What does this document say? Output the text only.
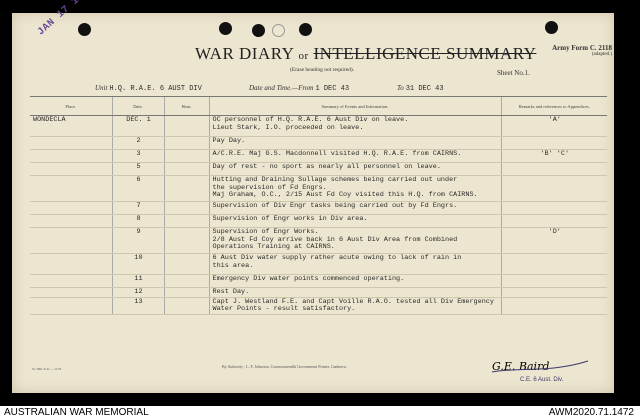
WAR DIARY or INTELLIGENCE SUMMARY
(Erase heading not required).
Army Form C. 2118
(adapted.)
Sheet No.1.
Unit H.Q. R.A.E. 6 AUST DIV	Date and Time.—From 1 DEC 43	To 31 DEC 43
Place.	Date.	Hour.	Summary of Events and Information.	Remarks and references to Appendices.
WONDECLA	DEC. 1		OC personnel of H.Q. R.A.E. 6 Aust Div on leave.
Lieut Stark, I.O. proceeded on leave.	'A'
	2		Pay Day.	
	3		A/C.R.E. Maj G.S. Macdonnell visited H.Q. R.A.E. from CAIRNS.	'B' 'C'
	5		Day of rest - no sport as nearly all personnel on leave.	
	6		Hutting and Draining Sullage schemes being carried out under
the supervision of Fd Engrs.
Maj Graham, O.C., 2/15 Aust Fd Coy visited this H.Q. from CAIRNS.	
	7		Supervision of Div Engr tasks being carried out by Fd Engrs.	
	8		Supervision of Engr works in Div area.	
	9		Supervision of Engr Works.
2/8 Aust Fd Coy arrive back in 6 Aust Div Area from Combined
Operations Training at CAIRNS.	'D'
	10		6 Aust Div water supply rather acute owing to lack of rain in
this area.	
	11		Emergency Div water points commenced operating.	
	12		Rest Day.	
	13		Capt J. Westland F.E. and Capt Voille R.A.O. tested all Div Emergency
Water Points - result satisfactory.	
Sr. 386. 6.41.—1179.	By Authority : L. F. Johnston, Commonwealth Government Printer, Canberra.	G.E. Baird
C.E. 6 Aust. Div.
AUSTRALIAN WAR MEMORIAL	AWM2020.71.1472
